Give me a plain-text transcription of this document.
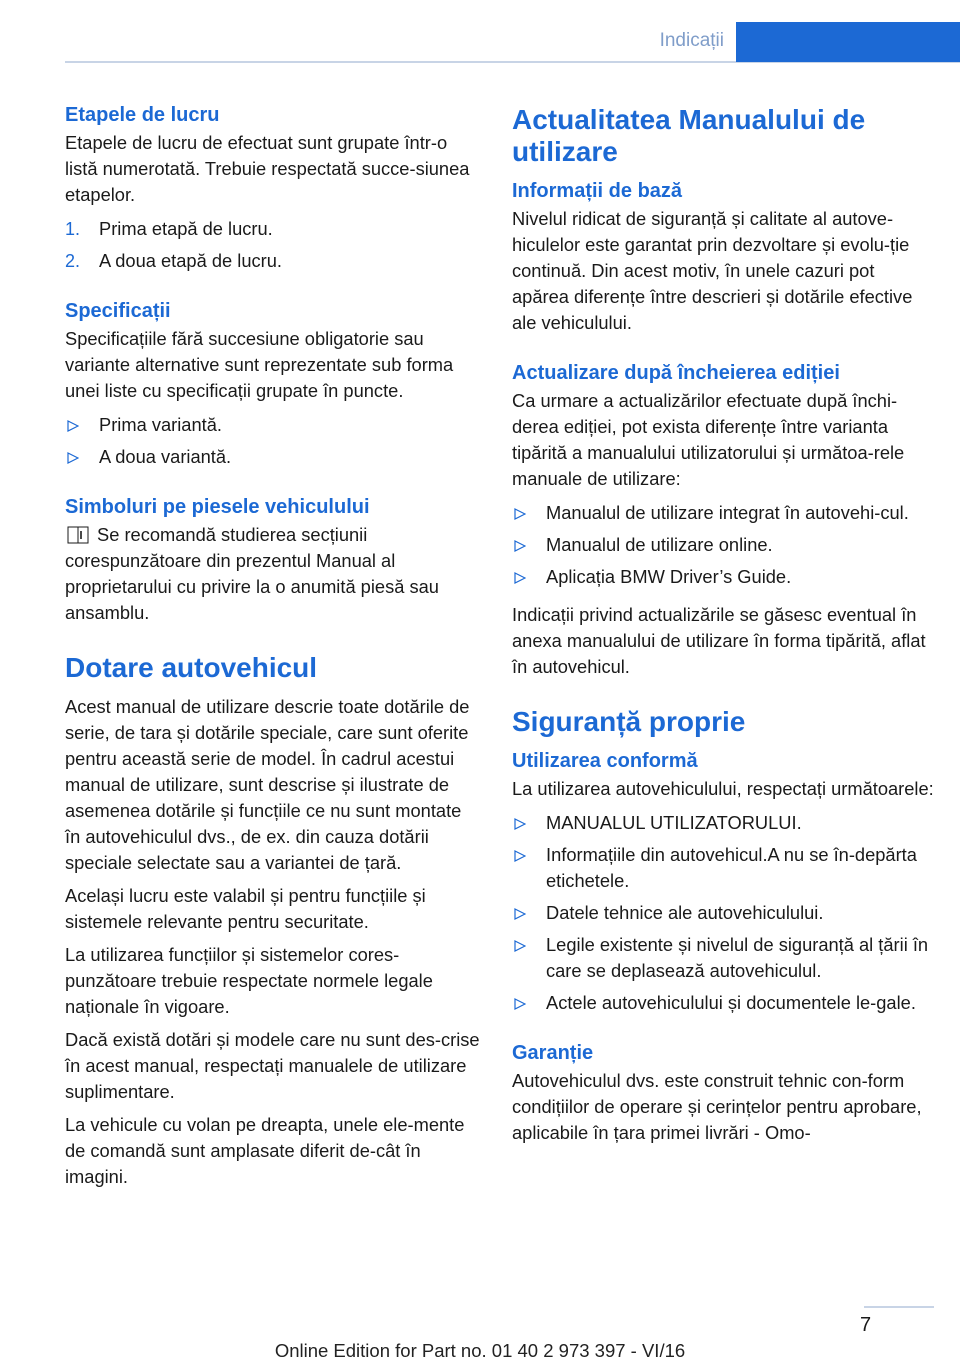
Indicații
Etapele de lucru

Etapele de lucru de efectuat sunt grupate într-o listă numerotată. Trebuie respectată succe-siunea etapelor.

1. Prima etapă de lucru.
2. A doua etapă de lucru.
Specificații

Specificațiile fără succesiune obligatorie sau variante alternative sunt reprezentate sub forma unei liste cu specificații grupate în puncte.

Prima variantă.
A doua variantă.
Simboluri pe piesele vehiculului

Se recomandă studierea secțiunii corespunzătoare din prezentul Manual al proprietarului cu privire la o anumită piesă sau ansamblu.

Dotare autovehicul

Acest manual de utilizare descrie toate dotările de serie, de tara și dotările speciale, care sunt oferite pentru această serie de model. În cadrul acestui manual de utilizare, sunt descrise și ilustrate de asemenea dotările și funcțiile ce nu sunt montate în autovehiculul dvs., de ex. din cauza dotării speciale selectate sau a variantei de țară.

Același lucru este valabil și pentru funcțiile și sistemele relevante pentru securitate.

La utilizarea funcțiilor și sistemelor cores-punzătoare trebuie respectate normele legale naționale în vigoare.

Dacă există dotări și modele care nu sunt des-crise în acest manual, respectați manualele de utilizare suplimentare.

La vehicule cu volan pe dreapta, unele ele-mente de comandă sunt amplasate diferit de-cât în imagini.

Actualitatea Manualului de utilizare
Informații de bază

Nivelul ridicat de siguranță și calitate al autove-hiculelor este garantat prin dezvoltare și evolu-ție continuă. Din acest motiv, în unele cazuri pot apărea diferențe între descrieri și dotările efective ale vehiculului.

Actualizare după încheierea ediției

Ca urmare a actualizărilor efectuate după închi-derea ediției, pot exista diferențe între varianta tipărită a manualului utilizatorului și următoa-rele manuale de utilizare:

Manualul de utilizare integrat în autovehi-cul.
Manualul de utilizare online.
Aplicația BMW Driver’s Guide.

Indicații privind actualizările se găsesc eventual în anexa manualului de utilizare în forma tipărită, aflat în autovehicul.

Siguranță proprie
Utilizarea conformă

La utilizarea autovehiculului, respectați următoarele:

MANUALUL UTILIZATORULUI.
Informațiile din autovehicul.A nu se în-depărta etichetele.
Datele tehnice ale autovehiculului.
Legile existente și nivelul de siguranță al țării în care se deplasează autovehiculul.
Actele autovehiculului și documentele le-gale.
Garanție

Autovehiculul dvs. este construit tehnic con-form condițiilor de operare și cerințelor pentru aprobare, aplicabile în țara primei livrări - Omo-

7
Online Edition for Part no. 01 40 2 973 397 - VI/16
